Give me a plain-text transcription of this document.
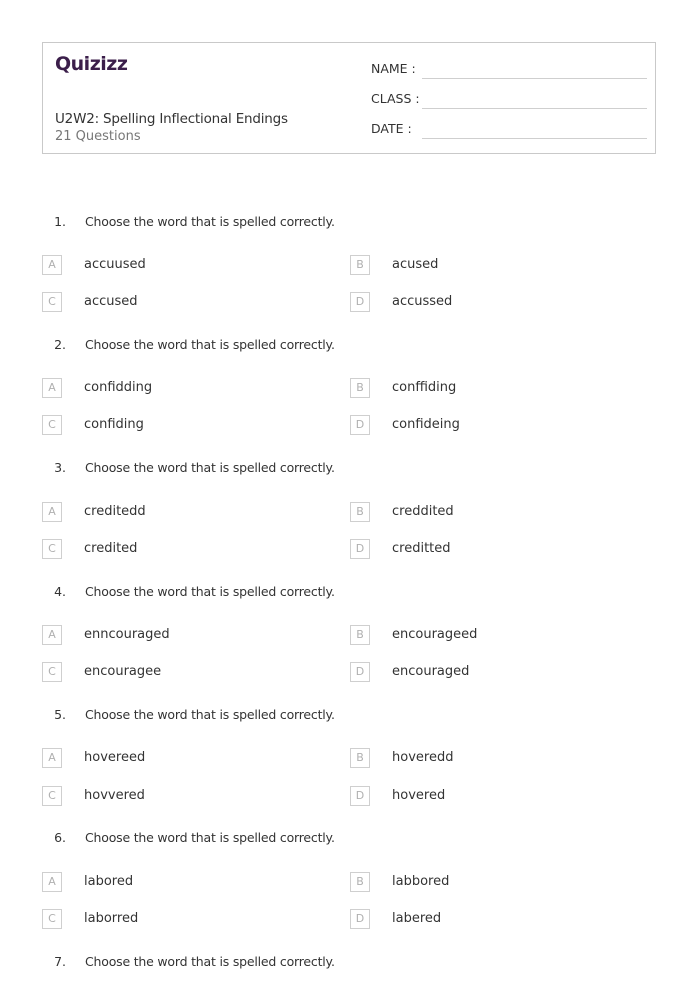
Quizizz
U2W2: Spelling Inflectional Endings
21 Questions
NAME :
CLASS :
DATE :
1. Choose the word that is spelled correctly.
A	accuused	B	acused
C	accused	D	accussed
2. Choose the word that is spelled correctly.
A	confidding	B	conffiding
C	confiding	D	confideing
3. Choose the word that is spelled correctly.
A	creditedd	B	creddited
C	credited	D	creditted
4. Choose the word that is spelled correctly.
A	enncouraged	B	encourageed
C	encouragee	D	encouraged
5. Choose the word that is spelled correctly.
A	hovereed	B	hoveredd
C	hovvered	D	hovered
6. Choose the word that is spelled correctly.
A	labored	B	labbored
C	laborred	D	labered
7. Choose the word that is spelled correctly.
